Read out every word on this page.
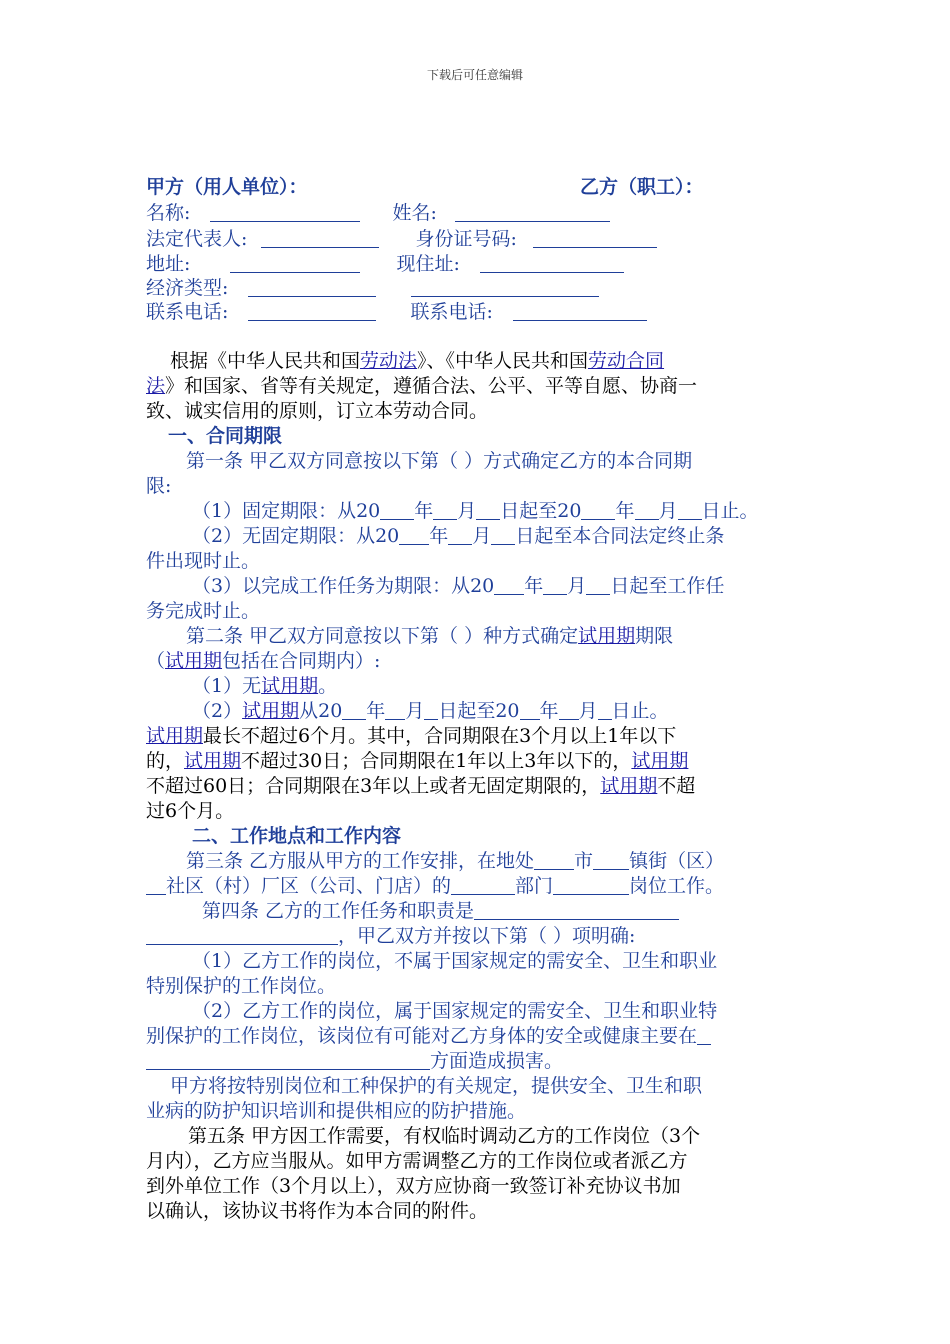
下载后可任意编辑
甲方（用人单位）：	乙方（职工）：
名称:	姓名:
法定代表人:	身份证号码:
地址:	现住址:
经济类型:
联系电话:	联系电话:
根据《中华人民共和国劳动法》、《中华人民共和国劳动合同
法》和国家、省等有关规定，遵循合法、公平、平等自愿、协商一
致、诚实信用的原则，订立本劳动合同。
一、合同期限
第一条 甲乙双方同意按以下第（ ）方式确定乙方的本合同期
限:
（1）固定期限：从20 年 月 日起至20 年 月 日止。
（2）无固定期限：从20 年 月 日起至本合同法定终止条
件出现时止。
（3）以完成工作任务为期限：从20 年 月 日起至工作任
务完成时止。
第二条 甲乙双方同意按以下第（ ）种方式确定试用期期限
（试用期包括在合同期内）:
（1）无试用期。
（2）试用期从20 年 月 日起至20 年 月 日止。
试用期最长不超过6个月。其中，合同期限在3个月以上1年以下
的，试用期不超过30日；合同期限在1年以上3年以下的，试用期
不超过60日；合同期限在3年以上或者无固定期限的，试用期不超
过6个月。
二、工作地点和工作内容
第三条 乙方服从甲方的工作安排，在地处 市 镇街（区）
社区（村）厂区（公司、门店）的	部门	岗位工作。
第四条 乙方的工作任务和职责是
，甲乙双方并按以下第（ ）项明确:
（1）乙方工作的岗位，不属于国家规定的需安全、卫生和职业
特别保护的工作岗位。
（2）乙方工作的岗位，属于国家规定的需安全、卫生和职业特
别保护的工作岗位，该岗位有可能对乙方身体的安全或健康主要在
方面造成损害。
甲方将按特别岗位和工种保护的有关规定，提供安全、卫生和职
业病的防护知识培训和提供相应的防护措施。
第五条 甲方因工作需要，有权临时调动乙方的工作岗位（3个
月内），乙方应当服从。如甲方需调整乙方的工作岗位或者派乙方
到外单位工作（3个月以上），双方应协商一致签订补充协议书加
以确认，该协议书将作为本合同的附件。
